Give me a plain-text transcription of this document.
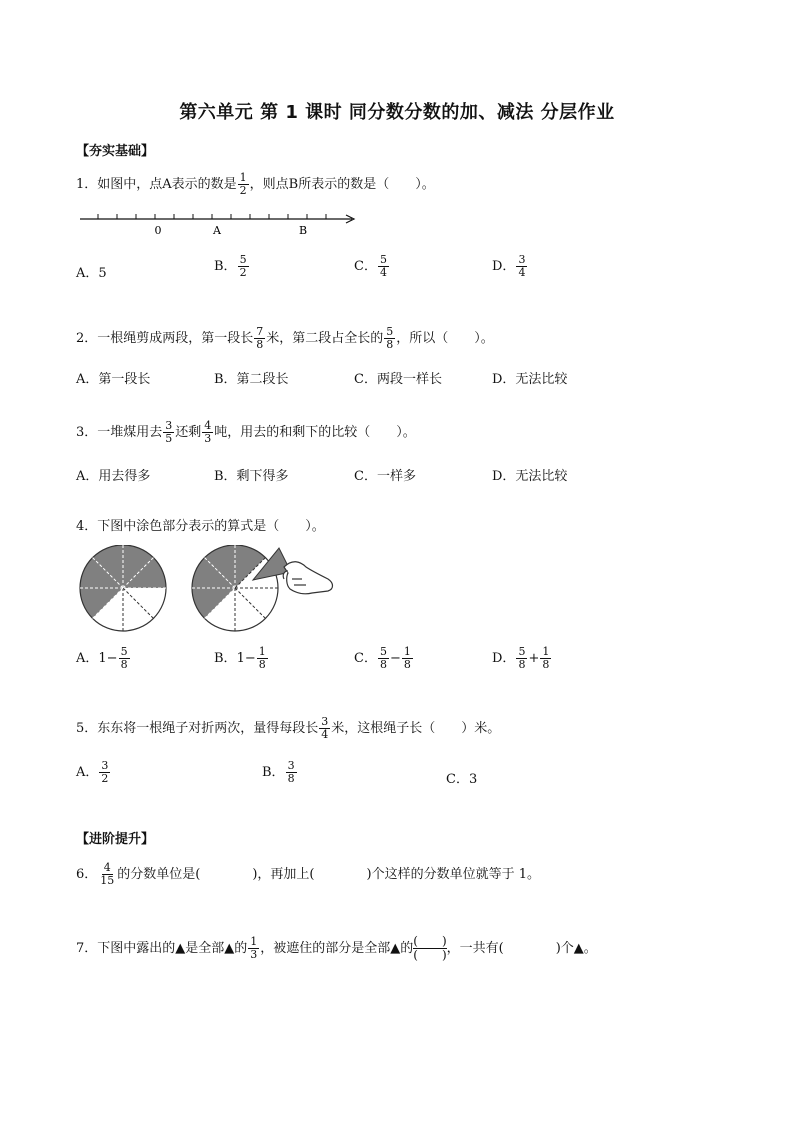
第六单元 第 1 课时 同分数分数的加、减法 分层作业
【夯实基础】
1．如图中，点A表示的数是 $\frac{1}{2}$ ，则点B所表示的数是（　　）。
0	A	B
A．5	B． $\frac{5}{2}$	C． $\frac{5}{4}$	D． $\frac{3}{4}$
2．一根绳剪成两段，第一段长 $\frac{7}{8}$ 米，第二段占全长的 $\frac{5}{8}$ ，所以（　　）。
A．第一段长	B．第二段长	C．两段一样长	D．无法比较
3．一堆煤用去 $\frac{3}{5}$ 还剩 $\frac{4}{3}$ 吨，用去的和剩下的比较（　　）。
A．用去得多	B．剩下得多	C．一样多	D．无法比较
4．下图中涂色部分表示的算式是（　　）。
A．$1- \frac{5}{8}$	B．$1- \frac{1}{8}$	C． $\frac{5}{8} - \frac{1}{8}$	D． $\frac{5}{8} + \frac{1}{8}$
5．东东将一根绳子对折两次，量得每段长 $\frac{3}{4}$ 米，这根绳子长（　　）米。
A． $\frac{3}{2}$	B． $\frac{3}{8}$	C．3
【进阶提升】
6． $\frac{4}{15}$ 的分数单位是(　　　　)，再加上(　　　　)个这样的分数单位就等于 1。
7．下图中露出的▲是全部▲的 $\frac{1}{3}$ ，被遮住的部分是全部▲的 $\frac{( )}{( )}$ ，一共有(　　　　)个▲。
